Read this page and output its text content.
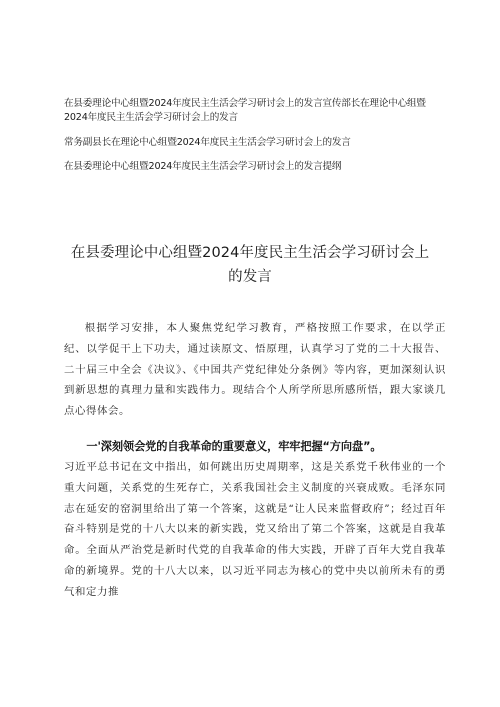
在县委理论中心组暨2024年度民主生活会学习研讨会上的发言宣传部长在理论中心组暨2024年度民主生活会学习研讨会上的发言
常务副县长在理论中心组暨2024年度民主生活会学习研讨会上的发言
在县委理论中心组暨2024年度民主生活会学习研讨会上的发言提纲
在县委理论中心组暨2024年度民主生活会学习研讨会上的发言

根据学习安排，本人聚焦党纪学习教育，严格按照工作要求，在以学正纪、以学促干上下功夫，通过读原文、悟原理，认真学习了党的二十大报告、二十届三中全会《决议》、《中国共产党纪律处分条例》等内容，更加深刻认识到新思想的真理力量和实践伟力。现结合个人所学所思所感所悟，跟大家谈几点心得体会。

一'深刻领会党的自我革命的重要意义，牢牢把握“方向盘”。

习近平总书记在文中指出，如何跳出历史周期率，这是关系党千秋伟业的一个重大问题，关系党的生死存亡，关系我国社会主义制度的兴衰成败。毛泽东同志在延安的窑洞里给出了第一个答案，这就是“让人民来监督政府”；经过百年奋斗特别是党的十八大以来的新实践，党又给出了第二个答案，这就是自我革命。全面从严治党是新时代党的自我革命的伟大实践，开辟了百年大党自我革命的新境界。党的十八大以来，以习近平同志为核心的党中央以前所未有的勇气和定力推
